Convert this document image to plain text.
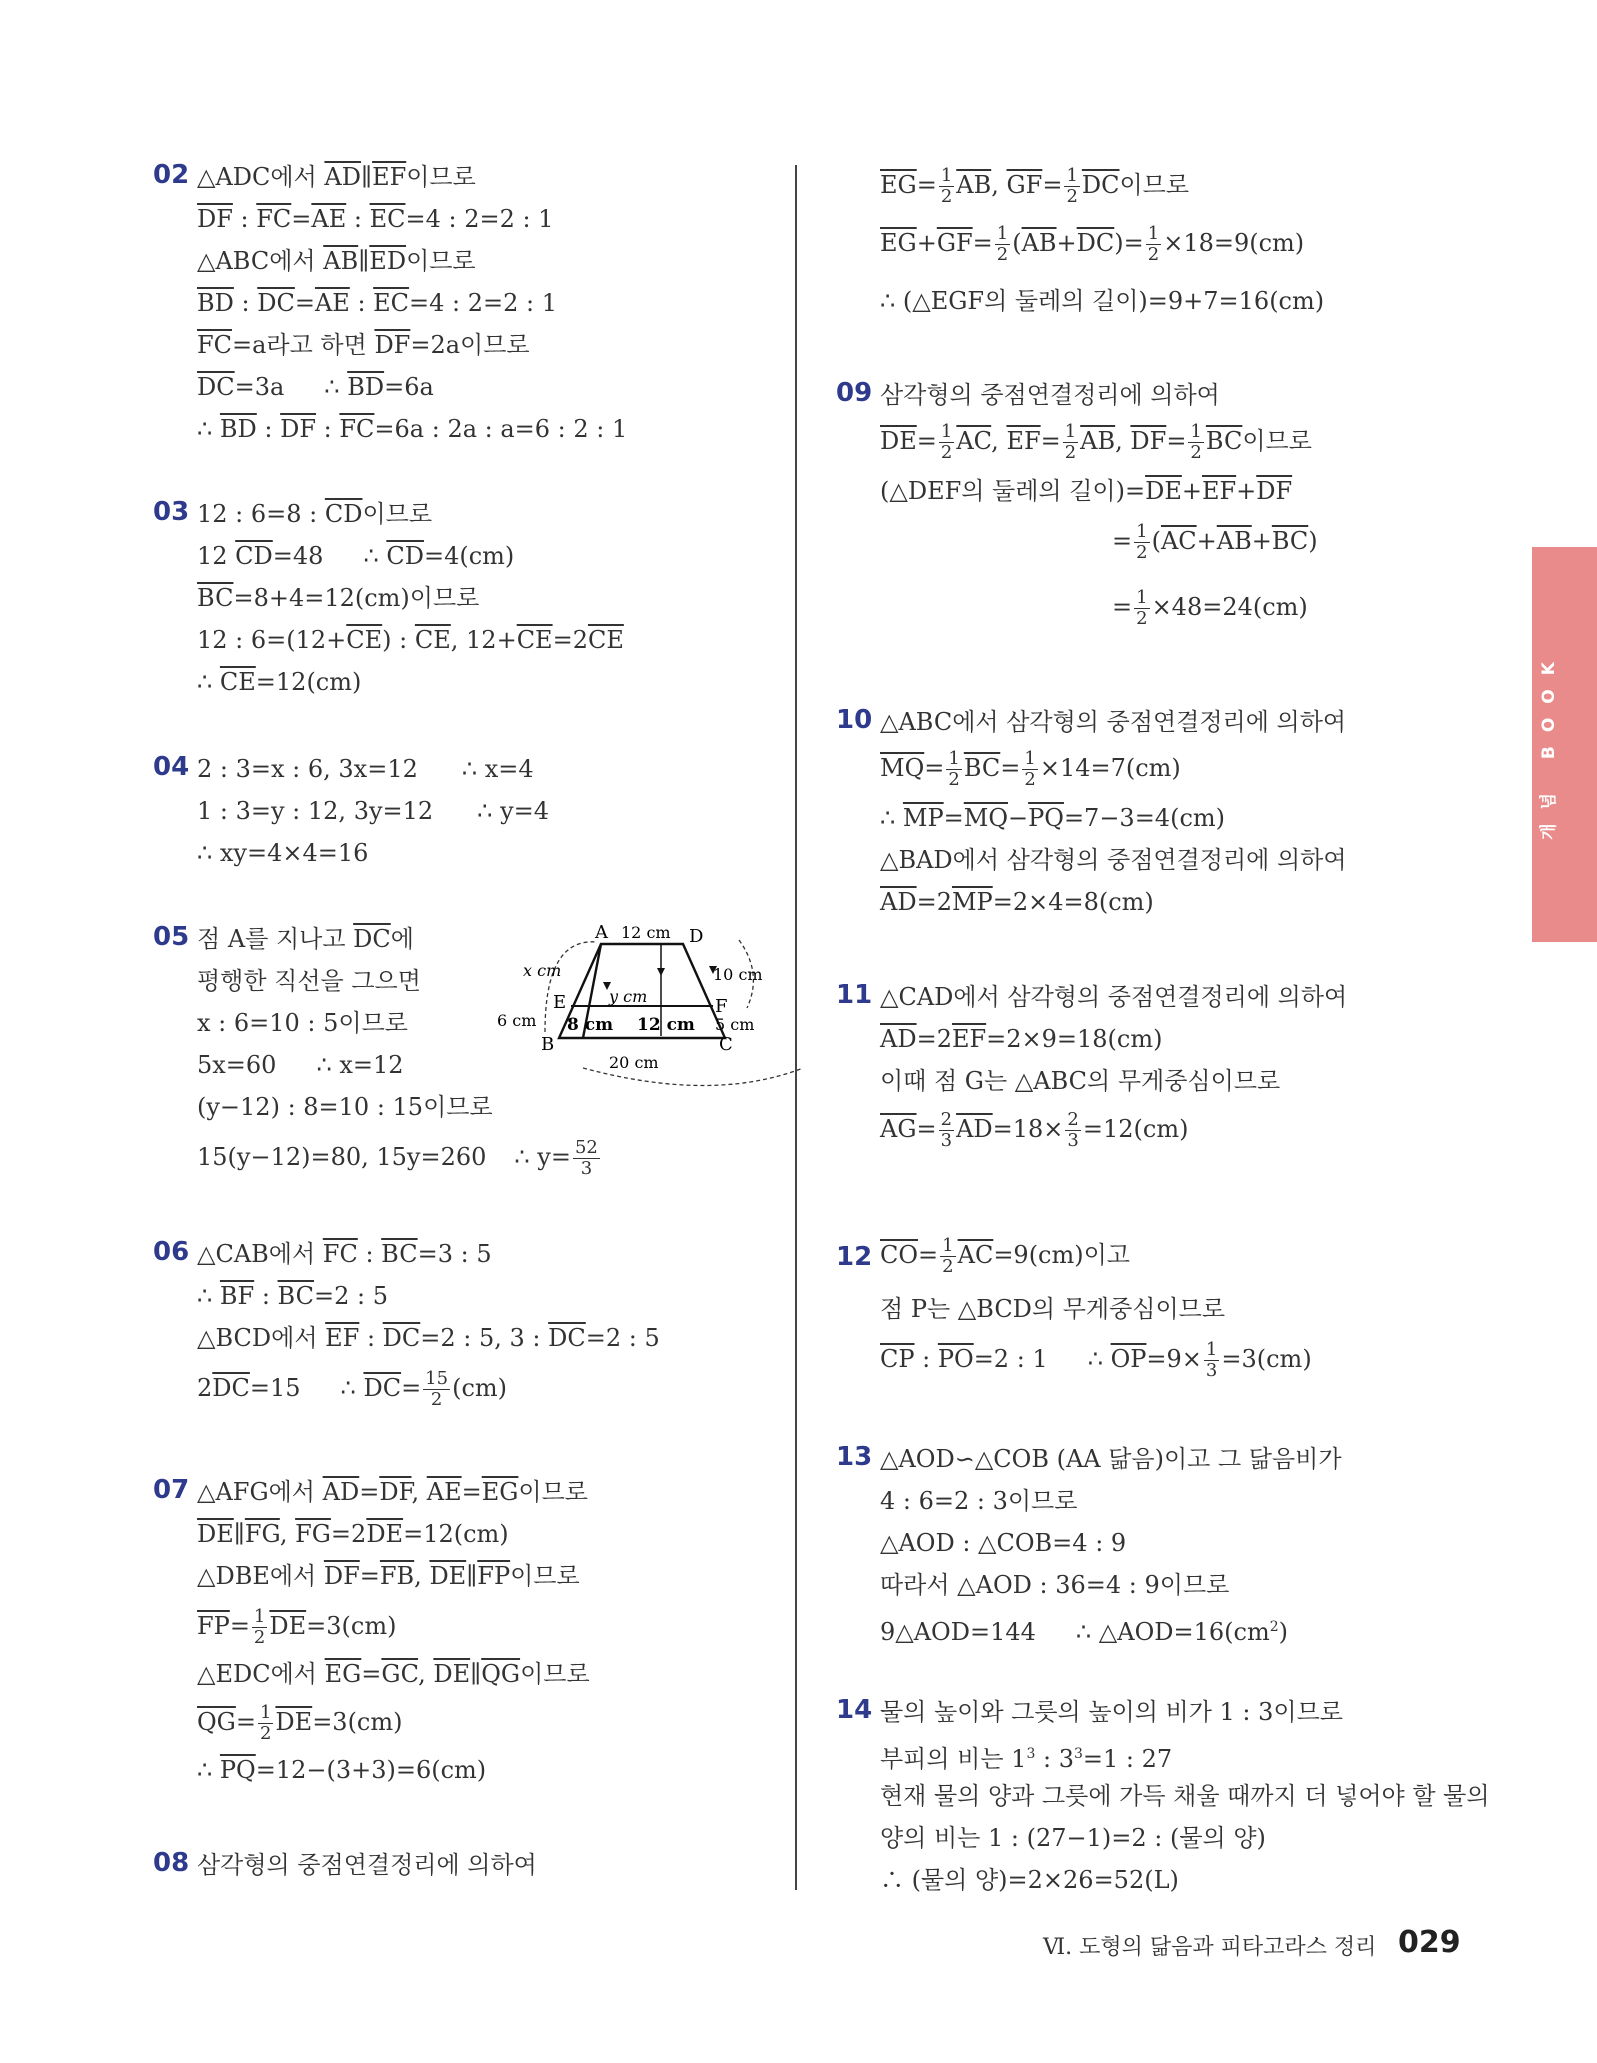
02 △ADC에서 $\overline{AD}\parallel\overline{EF}$이므로
$\overline{DF}$ : $\overline{FC}=\overline{AE}$ : $\overline{EC}=4$ : 2=2 : 1
△ABC에서 $\overline{AB}\parallel\overline{ED}$이므로
$\overline{BD}$ : $\overline{DC}=\overline{AE}$ : $\overline{EC}=4$ : 2=2 : 1
$\overline{FC}=a$라고 하면 $\overline{DF}=2a$이므로
$\overline{DC}=3a$ ∴ $\overline{BD}=6a$
∴ $\overline{BD}$ : $\overline{DF}$ : $\overline{FC}=6a$ : 2a : a=6 : 2 : 1
03 12 : 6=8 : $\overline{CD}$이므로
12 $\overline{CD}=48$ ∴ $\overline{CD}=4(cm)$
$\overline{BC}=8+4=12(cm)$이므로
12 : $6=(12+\overline{CE})$ : $\overline{CE}$, $12+\overline{CE}=2\overline{CE}$
∴ $\overline{CE}=12(cm)$
04 2 : 3=x : 6, 3x=12 ∴ x=4
1 : 3=y : 12, 3y=12 ∴ y=4
∴ xy=4×4=16
05 점 A를 지나고 $\overline{DC}$에
평행한 직선을 그으면
x : 6=10 : 5이므로
5x=60 ∴ x=12
(y−12) : 8=10 : 15이므로
15(y−12)=80, 15y=260 ∴ $y= \frac{52}{3}$
A 12 cm D
x cm	10 cm
E	y cm	F
6 cm 8 cm 12 cm 5 cm
B	C
20 cm
06 △CAB에서 $\overline{FC}$ : $\overline{BC}=3$ : 5
∴ $\overline{BF}$ : $\overline{BC}=2$ : 5
△BCD에서 $\overline{EF}$ : $\overline{DC}=2$ : 5, 3 : $\overline{DC}=2$ : 5
$2\overline{DC}=15$ ∴ $\overline{DC}= \frac{15}{2} (cm)$
07 △AFG에서 $\overline{AD}=\overline{DF}$, $\overline{AE}=\overline{EG}$이므로
$\overline{DE}\parallel\overline{FG}$, $\overline{FG}=2\overline{DE}=12(cm)$
△DBE에서 $\overline{DF}=\overline{FB}$, $\overline{DE}\parallel\overline{FP}$이므로
$\overline{FP}= \frac{1}{2} \overline{DE}=3(cm)$
△EDC에서 $\overline{EG}=\overline{GC}$, $\overline{DE}\parallel\overline{QG}$이므로
$\overline{QG}= \frac{1}{2} \overline{DE}=3(cm)$
∴ $\overline{PQ}=12-(3+3)=6(cm)$
08 삼각형의 중점연결정리에 의하여
$\overline{EG}= \frac{1}{2} \overline{AB}$, $\overline{GF}= \frac{1}{2} \overline{DC}$이므로
$\overline{EG}+\overline{GF}= \frac{1}{2} (\overline{AB}+\overline{DC})= \frac{1}{2} \times 18=9(cm)$
∴ (△EGF의 둘레의 길이)=9+7=16(cm)
09 삼각형의 중점연결정리에 의하여
$\overline{DE}= \frac{1}{2} \overline{AC}$, $\overline{EF}= \frac{1}{2} \overline{AB}$, $\overline{DF}= \frac{1}{2} \overline{BC}$이므로
(△DEF의 둘레의 길이)$=\overline{DE}+\overline{EF}+\overline{DF}$
= $\frac{1}{2} (\overline{AC}+\overline{AB}+\overline{BC})$
= $\frac{1}{2} \times 48=24(cm)$
10 △ABC에서 삼각형의 중점연결정리에 의하여
$\overline{MQ}= \frac{1}{2} \overline{BC}= \frac{1}{2} \times 14=7(cm)$
∴ $\overline{MP}=\overline{MQ}-\overline{PQ}=7-3=4(cm)$
△BAD에서 삼각형의 중점연결정리에 의하여
$\overline{AD}=2\overline{MP}=2\times 4=8(cm)$
11 △CAD에서 삼각형의 중점연결정리에 의하여
$\overline{AD}=2\overline{EF}=2\times 9=18(cm)$
이때 점 G는 △ABC의 무게중심이므로
$\overline{AG}= \frac{2}{3} \overline{AD}=18\times \frac{2}{3} =12(cm)$
12 $\overline{CO}= \frac{1}{2} \overline{AC}=9(cm)$이고
점 P는 △BCD의 무게중심이므로
$\overline{CP}$ : $\overline{PO}=2$ : 1 ∴ $\overline{OP}=9\times \frac{1}{3} =3(cm)$
13 △AOD∽△COB (AA 닮음)이고 그 닮음비가
4 : 6=2 : 3이므로
△AOD : △COB=4 : 9
따라서 △AOD : 36=4 : 9이므로
9△AOD=144 ∴ $\triangle AOD=16(cm^2)$
14 물의 높이와 그릇의 높이의 비가 1 : 3이므로
부피의 비는 $1^3$ : $3^3=1$ : 27
현재 물의 양과 그릇에 가득 채울 때까지 더 넣어야 할 물의
양의 비는 1 : (27−1)=2 : (물의 양)
∴ (물의 양)=2×26=52(L)
개념 BOOK
Ⅵ. 도형의 닮음과 피타고라스 정리 029
